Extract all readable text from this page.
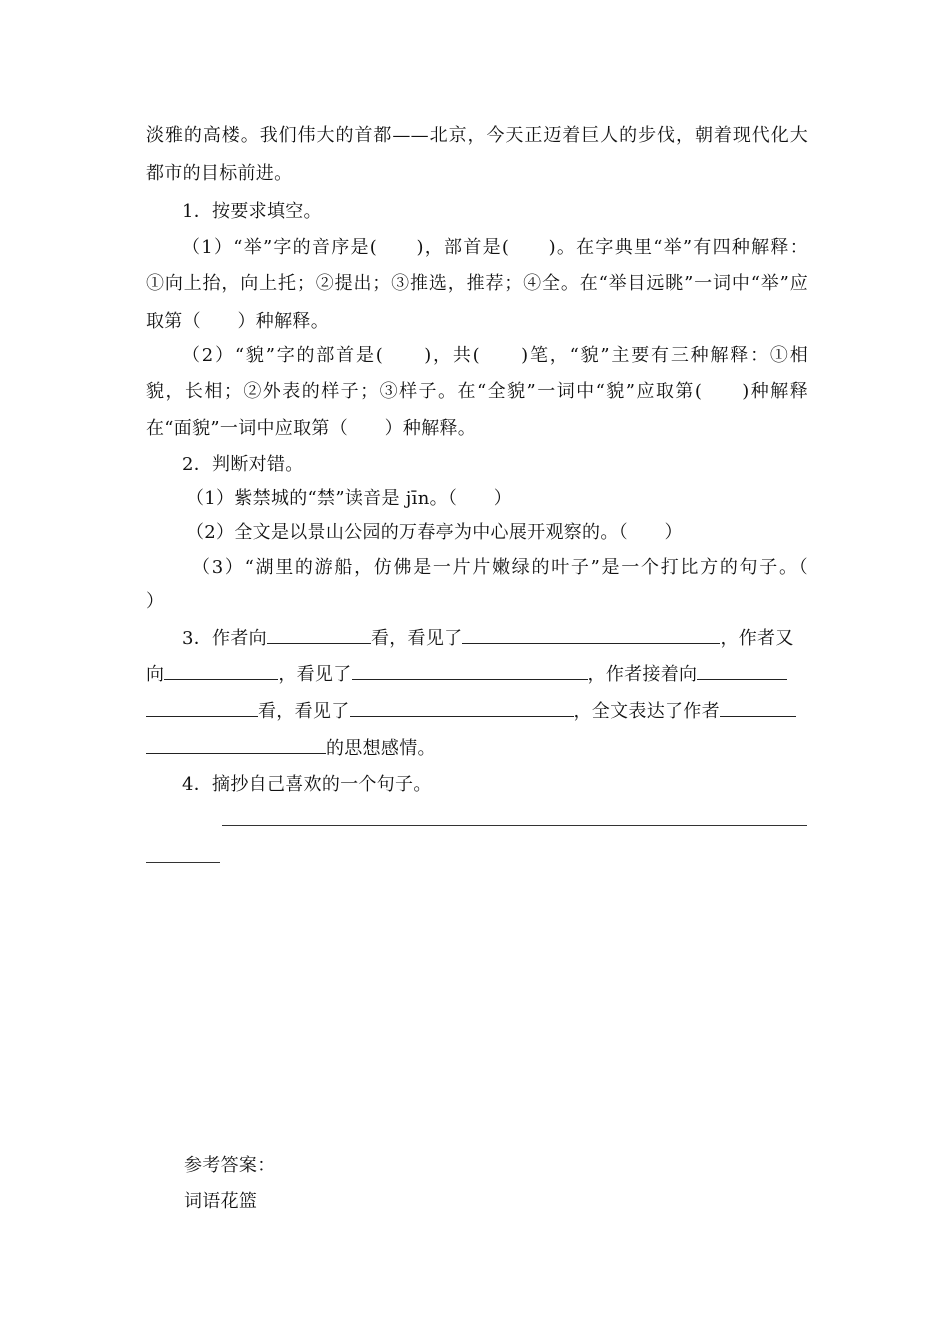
淡雅的高楼。我们伟大的首都——北京，今天正迈着巨人的步伐，朝着现代化大
都市的目标前进。
1．按要求填空。
（1）“举”字的音序是(　　)，部首是(　　)。在字典里“举”有四种解释：
①向上抬，向上托；②提出；③推选，推荐；④全。在“举目远眺”一词中“举”应
取第（　　）种解释。
（2）“貌”字的部首是(　　)，共(　　)笔，“貌”主要有三种解释：①相
貌，长相；②外表的样子；③样子。在“全貌”一词中“貌”应取第(　　)种解释
在“面貌”一词中应取第（　　）种解释。
2．判断对错。
（1）紫禁城的“禁”读音是 jīn。（　　）
（2）全文是以景山公园的万春亭为中心展开观察的。（　　）
（3）“湖里的游船，仿佛是一片片嫩绿的叶子”是一个打比方的句子。（
）
3．作者向	看，看见了	，作者又
向	，看见了	，作者接着向
看，看见了	，全文表达了作者
的思想感情。
4．摘抄自己喜欢的一个句子。
参考答案：
词语花篮
